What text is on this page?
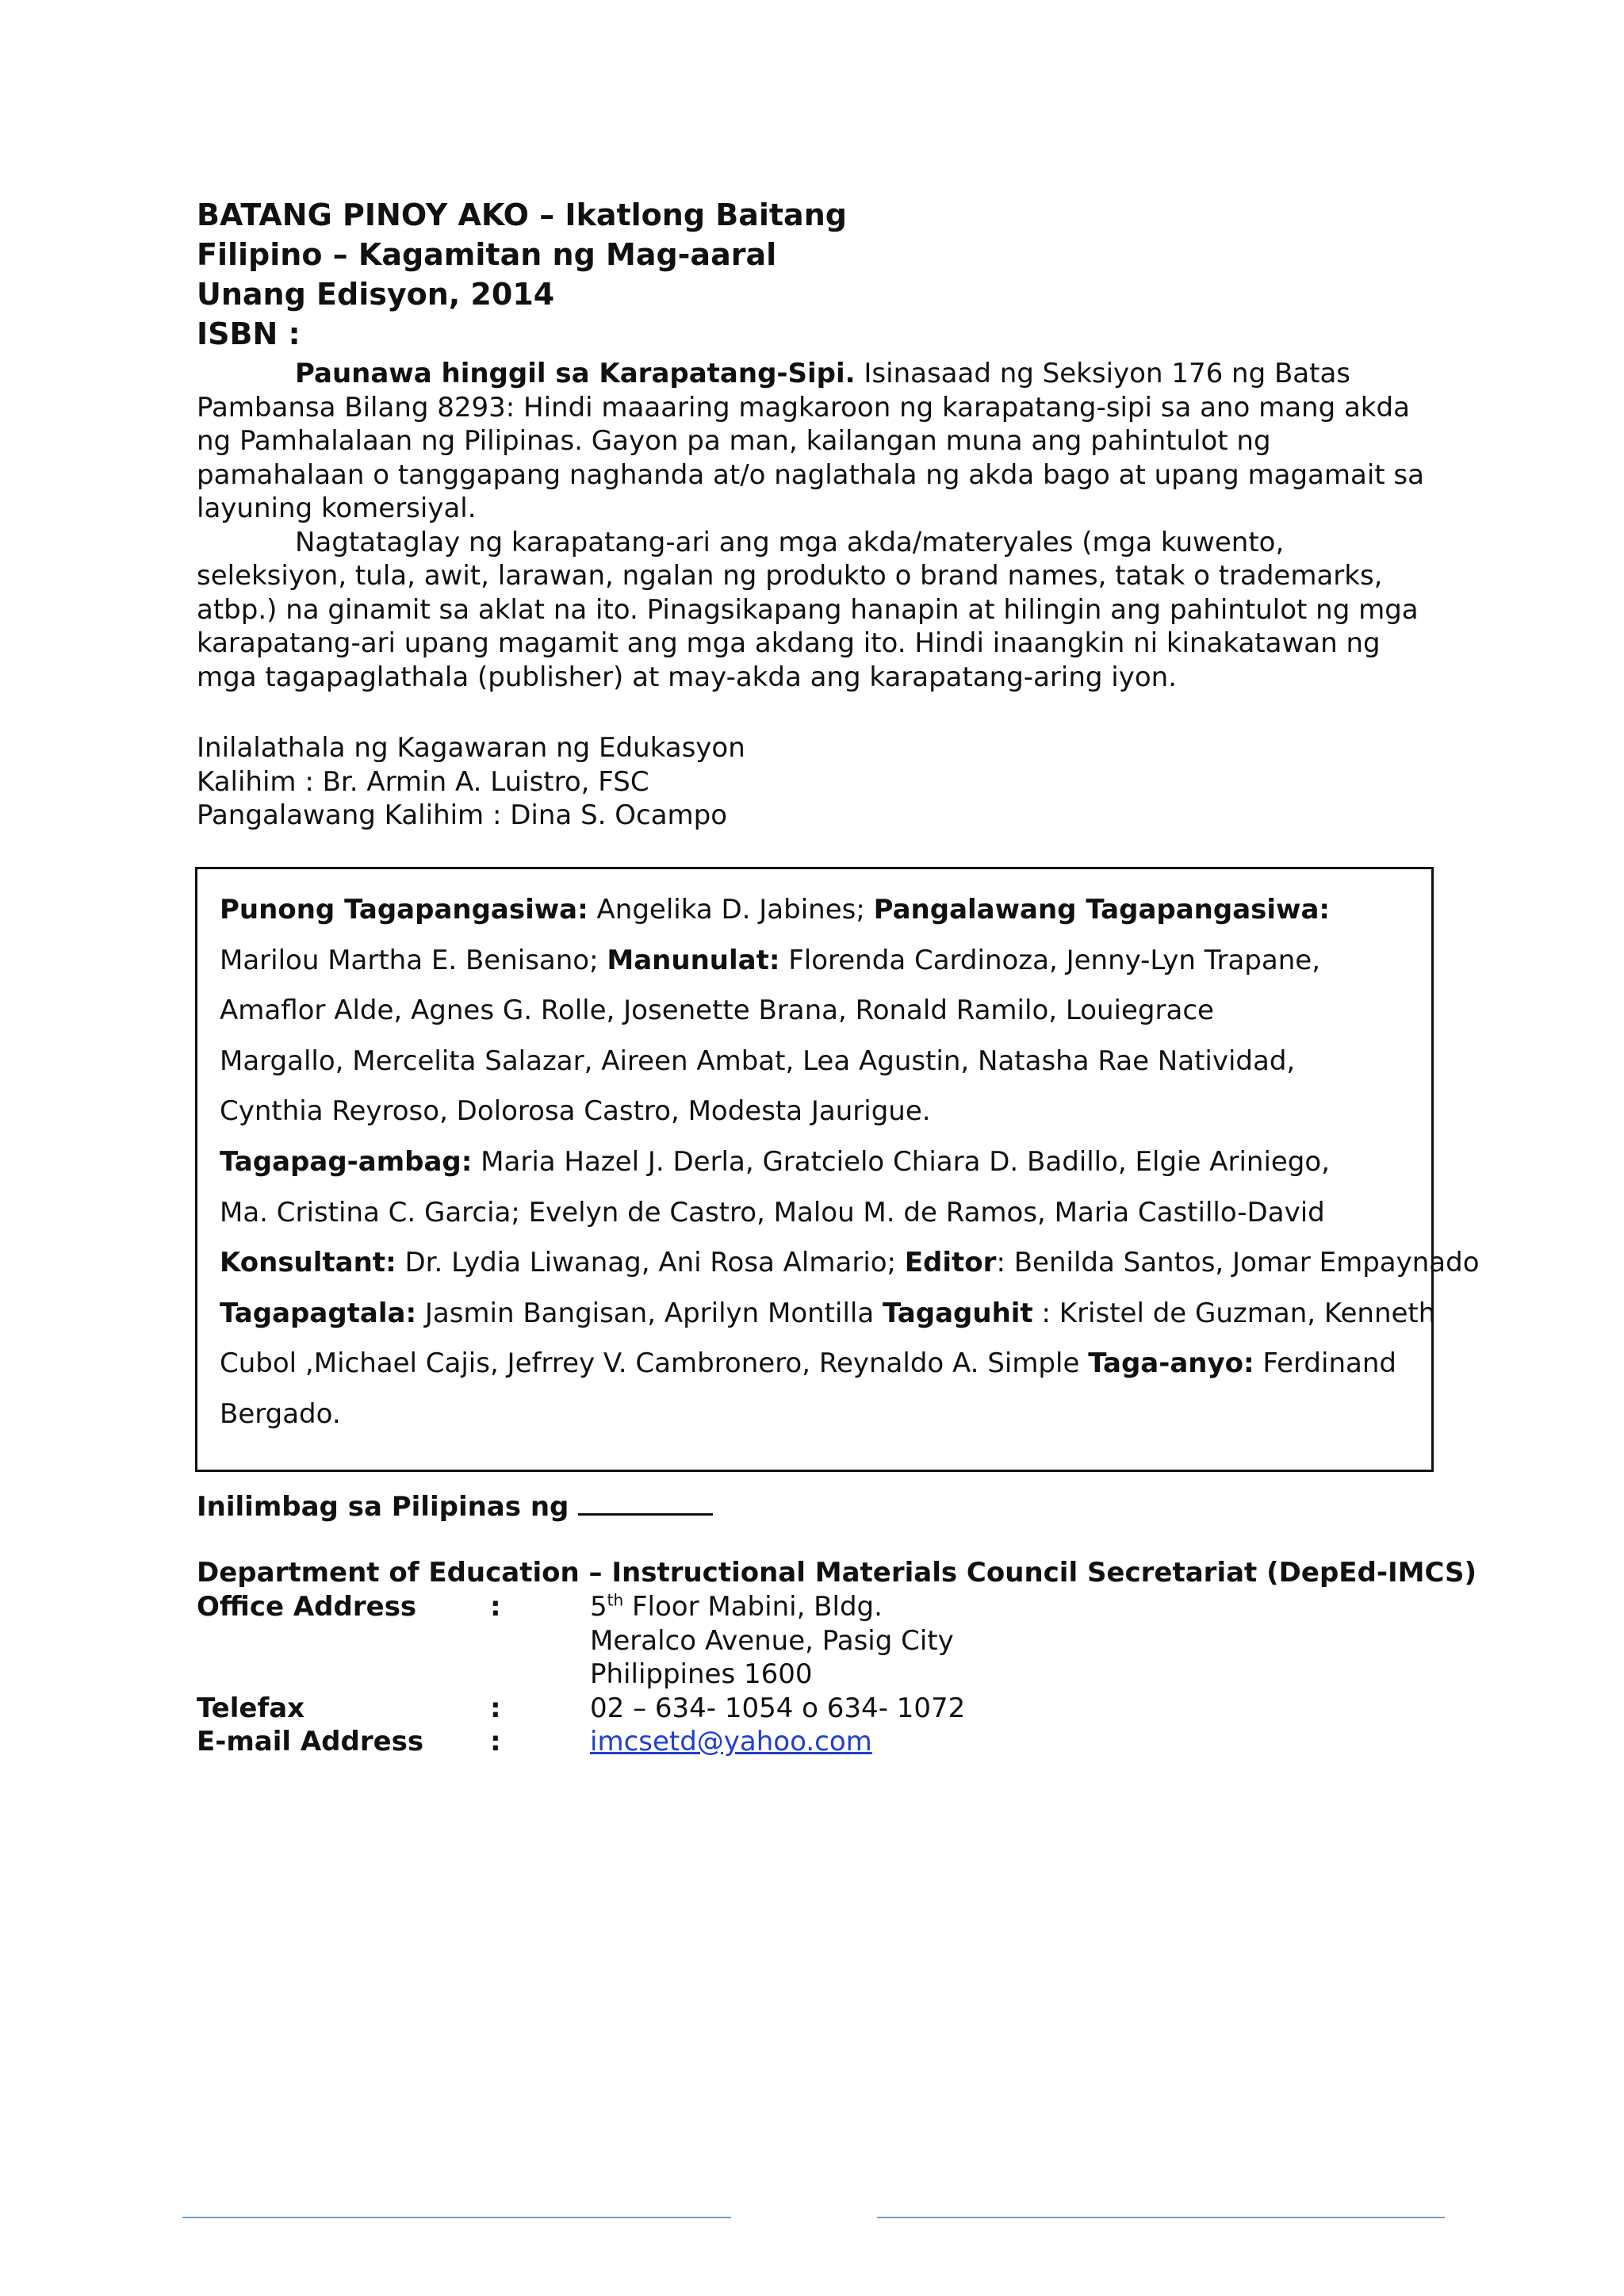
BATANG PINOY AKO – Ikatlong Baitang
Filipino – Kagamitan ng Mag-aaral
Unang Edisyon, 2014
ISBN :

Paunawa hinggil sa Karapatang-Sipi. Isinasaad ng Seksiyon 176 ng Batas Pambansa Bilang 8293: Hindi maaaring magkaroon ng karapatang-sipi sa ano mang akda ng Pamhalalaan ng Pilipinas. Gayon pa man, kailangan muna ang pahintulot ng pamahalaan o tanggapang naghanda at/o naglathala ng akda bago at upang magamait sa layuning komersiyal.

Nagtataglay ng karapatang-ari ang mga akda/materyales (mga kuwento, seleksiyon, tula, awit, larawan, ngalan ng produkto o brand names, tatak o trademarks, atbp.) na ginamit sa aklat na ito. Pinagsikapang hanapin at hilingin ang pahintulot ng mga karapatang-ari upang magamit ang mga akdang ito. Hindi inaangkin ni kinakatawan ng mga tagapaglathala (publisher) at may-akda ang karapatang-aring iyon.

Inilalathala ng Kagawaran ng Edukasyon
Kalihim : Br. Armin A. Luistro, FSC
Pangalawang Kalihim : Dina S. Ocampo
Punong Tagapangasiwa: Angelika D. Jabines; Pangalawang Tagapangasiwa:
Marilou Martha E. Benisano; Manunulat: Florenda Cardinoza, Jenny-Lyn Trapane,
Amaflor Alde, Agnes G. Rolle, Josenette Brana, Ronald Ramilo, Louiegrace
Margallo, Mercelita Salazar, Aireen Ambat, Lea Agustin, Natasha Rae Natividad,
Cynthia Reyroso, Dolorosa Castro, Modesta Jaurigue.
Tagapag-ambag: Maria Hazel J. Derla, Gratcielo Chiara D. Badillo, Elgie Ariniego,
Ma. Cristina C. Garcia; Evelyn de Castro, Malou M. de Ramos, Maria Castillo-David
Konsultant: Dr. Lydia Liwanag, Ani Rosa Almario; Editor: Benilda Santos, Jomar Empaynado
Tagapagtala: Jasmin Bangisan, Aprilyn Montilla Tagaguhit : Kristel de Guzman, Kenneth
Cubol ,Michael Cajis, Jefrrey V. Cambronero, Reynaldo A. Simple Taga-anyo: Ferdinand
Bergado.
Inilimbag sa Pilipinas ng
Department of Education – Instructional Materials Council Secretariat (DepEd-IMCS)
Office Address	:	5th Floor Mabini, Bldg.
Meralco Avenue, Pasig City
Philippines 1600
Telefax	:	02 – 634- 1054 o 634- 1072
E-mail Address :	imcsetd@yahoo.com
